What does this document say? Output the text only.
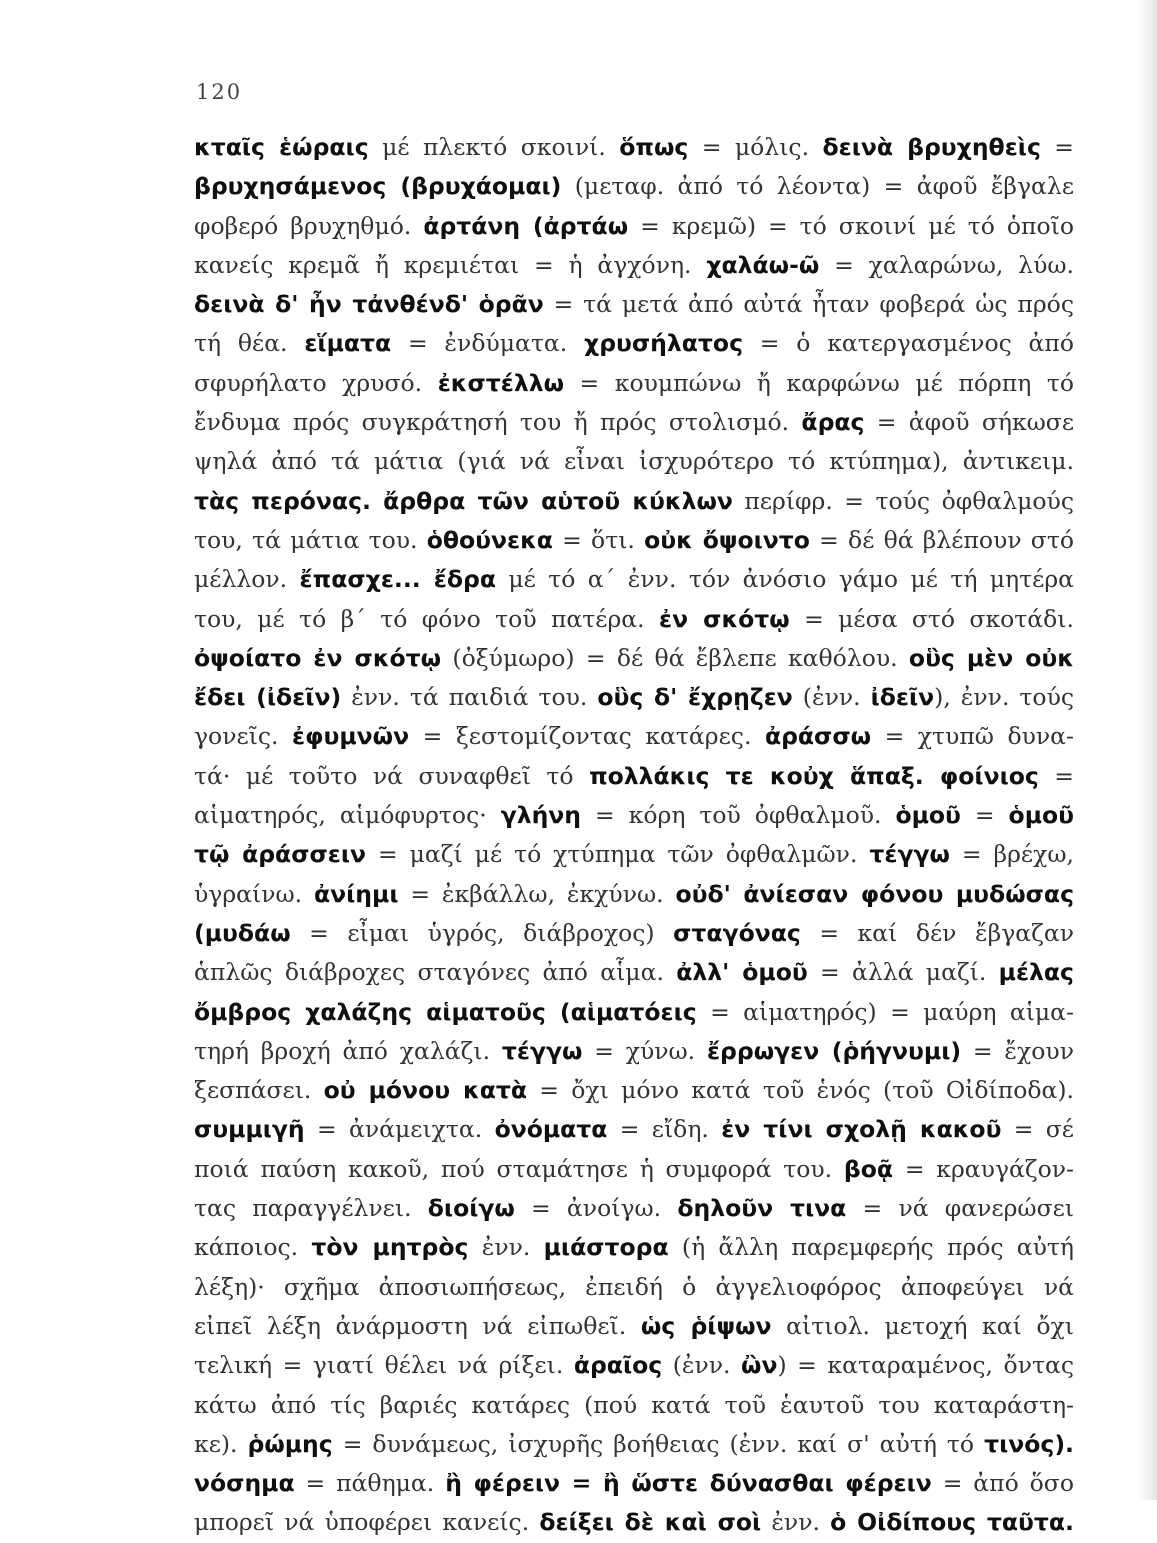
120
κταῖς ἑώραις μέ πλεκτό σκοινί. ὅπως = μόλις. δεινὰ βρυχηθεὶς =
βρυχησάμενος (βρυχάομαι) (μεταφ. ἀπό τό λέοντα) = ἀφοῦ ἔβγαλε
φοβερό βρυχηθμό. ἀρτάνη (ἀρτάω = κρεμῶ) = τό σκοινί μέ τό ὁποῖο
κανείς κρεμᾶ ἤ κρεμιέται = ἡ ἀγχόνη. χαλάω-ῶ = χαλαρώνω, λύω.
δεινὰ δ' ἦν τἀνθένδ' ὁρᾶν = τά μετά ἀπό αὐτά ἦταν φοβερά ὡς πρός
τή θέα. εἵματα = ἐνδύματα. χρυσήλατος = ὁ κατεργασμένος ἀπό
σφυρήλατο χρυσό. ἐκστέλλω = κουμπώνω ἤ καρφώνω μέ πόρπη τό
ἔνδυμα πρός συγκράτησή του ἤ πρός στολισμό. ἄρας = ἀφοῦ σήκωσε
ψηλά ἀπό τά μάτια (γιά νά εἶναι ἰσχυρότερο τό κτύπημα), ἀντικειμ.
τὰς περόνας. ἄρθρα τῶν αὑτοῦ κύκλων περίφρ. = τούς ὀφθαλμούς
του, τά μάτια του. ὁθούνεκα = ὅτι. οὐκ ὄψοιντο = δέ θά βλέπουν στό
μέλλον. ἔπασχε... ἔδρα μέ τό α΄ ἐνν. τόν ἀνόσιο γάμο μέ τή μητέρα
του, μέ τό β΄ τό φόνο τοῦ πατέρα. ἐν σκότῳ = μέσα στό σκοτάδι.
ὀψοίατο ἐν σκότῳ (ὀξύμωρο) = δέ θά ἔβλεπε καθόλου. οὓς μὲν οὐκ
ἔδει (ἰδεῖν) ἐνν. τά παιδιά του. οὓς δ' ἔχρῃζεν (ἐνν. ἰδεῖν), ἐνν. τούς
γονεῖς. ἐφυμνῶν = ξεστομίζοντας κατάρες. ἀράσσω = χτυπῶ δυνα-
τά· μέ τοῦτο νά συναφθεῖ τό πολλάκις τε κοὐχ ἅπαξ. φοίνιος =
αἱματηρός, αἱμόφυρτος· γλήνη = κόρη τοῦ ὀφθαλμοῦ. ὁμοῦ = ὁμοῦ
τῷ ἀράσσειν = μαζί μέ τό χτύπημα τῶν ὀφθαλμῶν. τέγγω = βρέχω,
ὑγραίνω. ἀνίημι = ἐκβάλλω, ἐκχύνω. οὐδ' ἀνίεσαν φόνου μυδώσας
(μυδάω = εἶμαι ὑγρός, διάβροχος) σταγόνας = καί δέν ἔβγαζαν
ἁπλῶς διάβροχες σταγόνες ἀπό αἷμα. ἀλλ' ὁμοῦ = ἀλλά μαζί. μέλας
ὄμβρος χαλάζης αἱματοῦς (αἱματόεις = αἱματηρός) = μαύρη αἱμα-
τηρή βροχή ἀπό χαλάζι. τέγγω = χύνω. ἔρρωγεν (ῥήγνυμι) = ἔχουν
ξεσπάσει. οὐ μόνου κατὰ = ὄχι μόνο κατά τοῦ ἑνός (τοῦ Οἰδίποδα).
συμμιγῆ = ἀνάμειχτα. ὀνόματα = εἴδη. ἐν τίνι σχολῇ κακοῦ = σέ
ποιά παύση κακοῦ, πού σταμάτησε ἡ συμφορά του. βοᾷ = κραυγάζον-
τας παραγγέλνει. διοίγω = ἀνοίγω. δηλοῦν τινα = νά φανερώσει
κάποιος. τὸν μητρὸς ἐνν. μιάστορα (ἡ ἄλλη παρεμφερής πρός αὐτή
λέξη)· σχῆμα ἀποσιωπήσεως, ἐπειδή ὁ ἀγγελιοφόρος ἀποφεύγει νά
εἰπεῖ λέξη ἀνάρμοστη νά εἰπωθεῖ. ὡς ῥίψων αἰτιολ. μετοχή καί ὄχι
τελική = γιατί θέλει νά ρίξει. ἀραῖος (ἐνν. ὢν) = καταραμένος, ὄντας
κάτω ἀπό τίς βαριές κατάρες (πού κατά τοῦ ἑαυτοῦ του καταράστη-
κε). ῥώμης = δυνάμεως, ἰσχυρῆς βοήθειας (ἐνν. καί σ' αὐτή τό τινός).
νόσημα = πάθημα. ἢ φέρειν = ἢ ὥστε δύνασθαι φέρειν = ἀπό ὅσο
μπορεῖ νά ὑποφέρει κανείς. δείξει δὲ καὶ σοὶ ἐνν. ὁ Οἰδίπους ταῦτα.
